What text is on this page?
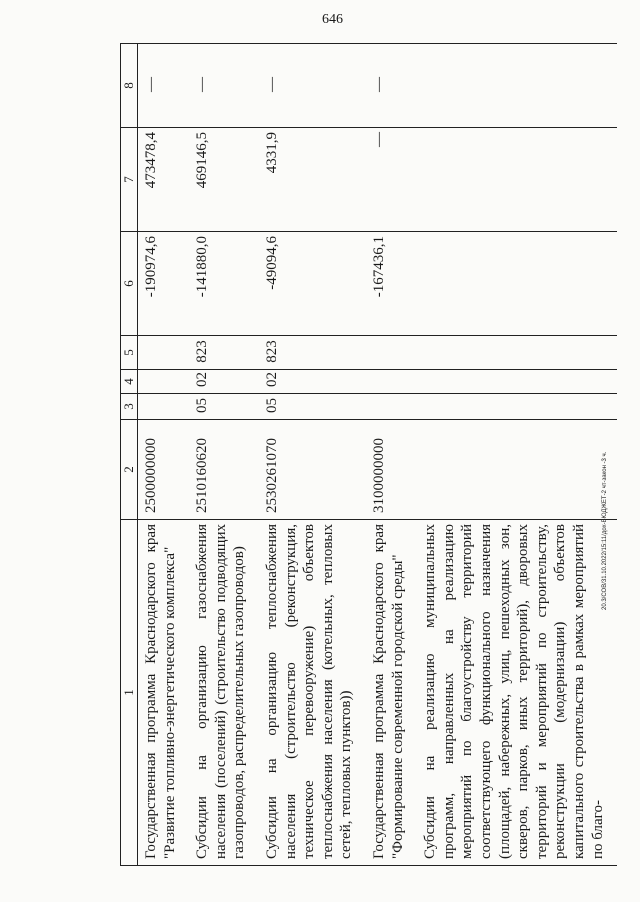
646
20.3/СОВ/31.10.2022/15:11/дох-БЮДЖЕТ-2 чт-закон -3 ч.
1	2	3	4	5	6	7	8
Государственная программа Краснодарского края "Развитие топливно-энергетического комплекса"	2500000000				-190974,6	473478,4	—
Субсидии на организацию газоснабжения населения (поселений) (строительство подводящих газопроводов, распределительных газопроводов)	2510160620	05	02	823	-141880,0	469146,5	—
Субсидии на организацию теплоснабжения населения (строительство (реконструкция, техническое перевооружение) объектов теплоснабжения населения (котельных, тепловых сетей, тепловых пунктов))	2530261070	05	02	823	-49094,6	4331,9	—
Государственная программа Краснодарского края "Формирование современной городской среды"	3100000000				-167436,1	—	—
Субсидии на реализацию муниципальных программ, направленных на реализацию мероприятий по благоустройству территорий соответствующего функционального назначения (площадей, набережных, улиц, пешеходных зон, скверов, парков, иных территорий), дворовых территорий и мероприятий по строительству, реконструкции (модернизации) объектов капитального строительства в рамках мероприятий по благо-							
